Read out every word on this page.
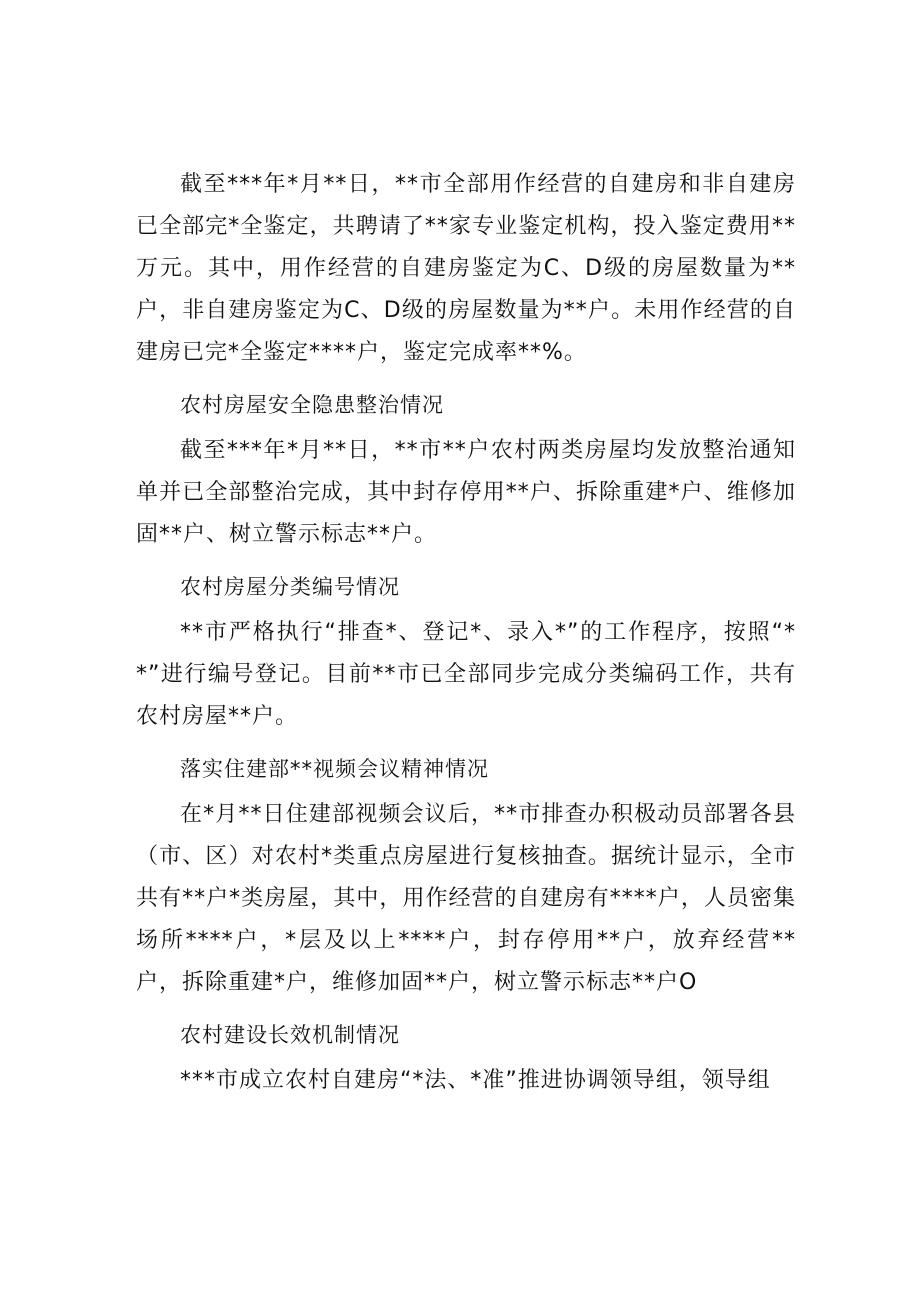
截至***年*月**日，**市全部用作经营的自建房和非自建房已全部完*全鉴定，共聘请了**家专业鉴定机构，投入鉴定费用**万元。其中，用作经营的自建房鉴定为C、D级的房屋数量为**户，非自建房鉴定为C、D级的房屋数量为**户。未用作经营的自建房已完*全鉴定****户，鉴定完成率**%。

农村房屋安全隐患整治情况

截至***年*月**日，**市**户农村两类房屋均发放整治通知单并已全部整治完成，其中封存停用**户、拆除重建*户、维修加固**户、树立警示标志**户。

农村房屋分类编号情况

**市严格执行“排查*、登记*、录入*”的工作程序，按照“**”进行编号登记。目前**市已全部同步完成分类编码工作，共有农村房屋**户。

落实住建部**视频会议精神情况

在*月**日住建部视频会议后，**市排查办积极动员部署各县（市、区）对农村*类重点房屋进行复核抽查。据统计显示，全市共有**户*类房屋，其中，用作经营的自建房有****户，人员密集场所****户，*层及以上****户，封存停用**户，放弃经营**户，拆除重建*户，维修加固**户，树立警示标志**户O

农村建设长效机制情况

***市成立农村自建房“*法、*准”推进协调领导组，领导组
